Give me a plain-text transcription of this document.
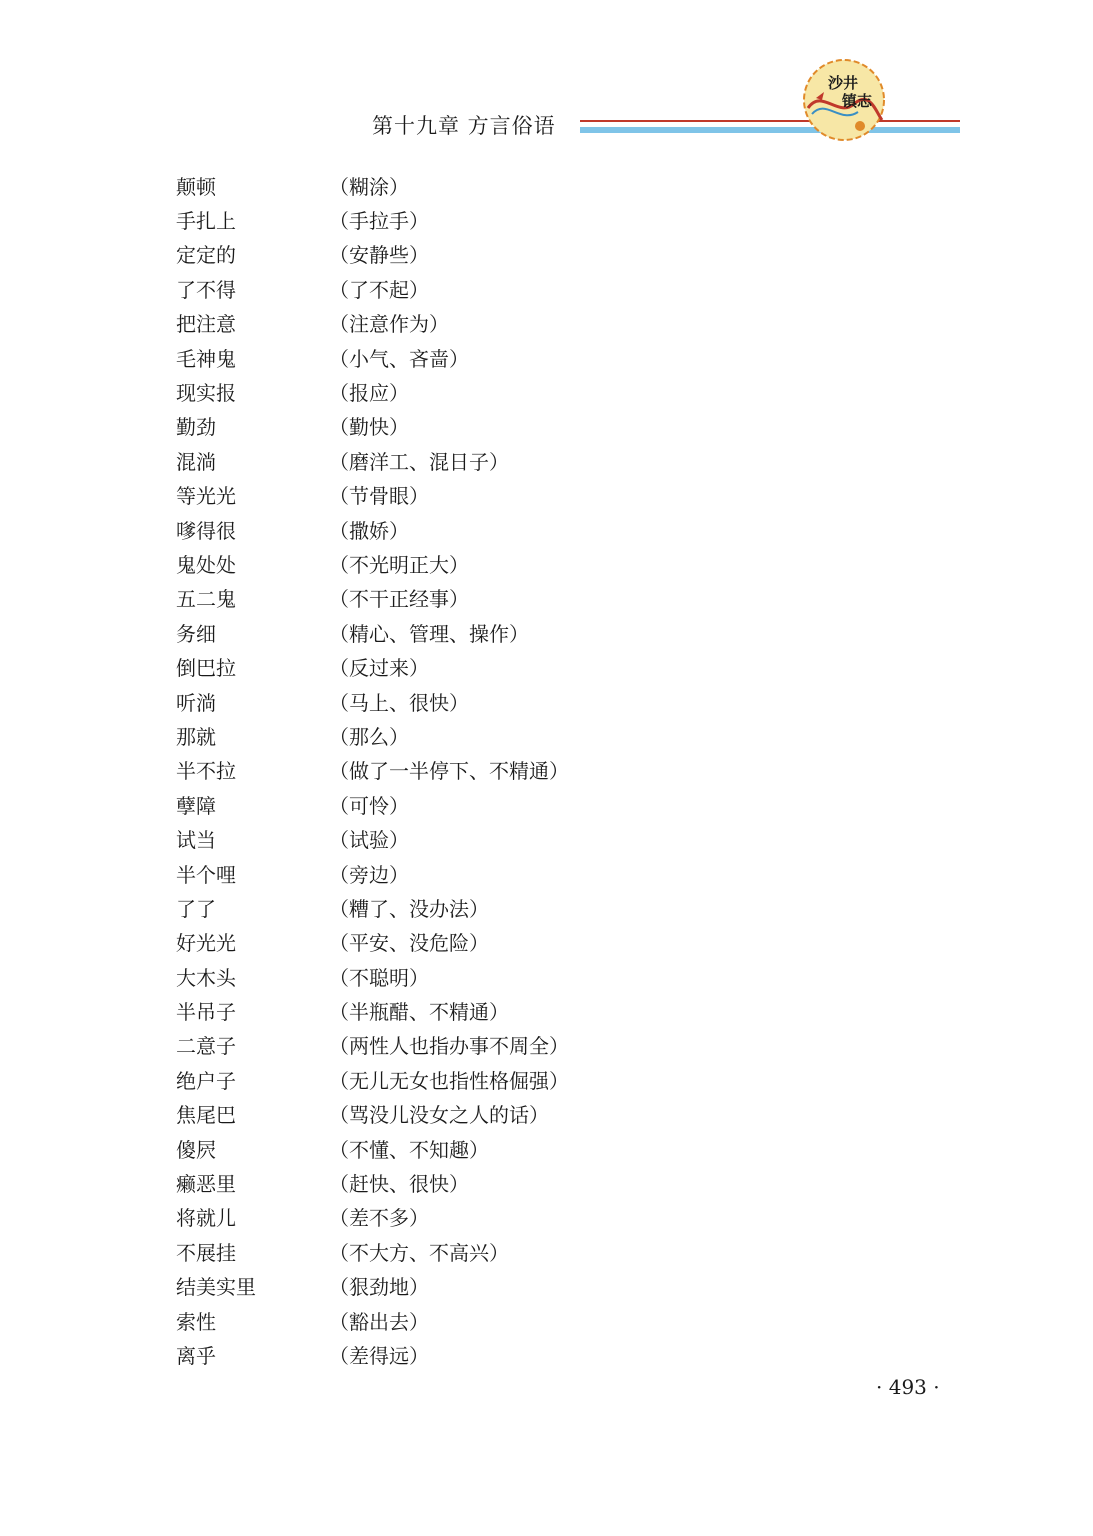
第十九章 方言俗语
沙井
镇志
颠顿	（糊涂）
手扎上	（手拉手）
定定的	（安静些）
了不得	（了不起）
把注意	（注意作为）
毛神鬼	（小气、吝啬）
现实报	（报应）
勤劲	（勤快）
混淌	（磨洋工、混日子）
等光光	（节骨眼）
嗲得很	（撒娇）
鬼处处	（不光明正大）
五二鬼	（不干正经事）
务细	（精心、管理、操作）
倒巴拉	（反过来）
听淌	（马上、很快）
那就	（那么）
半不拉	（做了一半停下、不精通）
孽障	（可怜）
试当	（试验）
半个哩	（旁边）
了了	（糟了、没办法）
好光光	（平安、没危险）
大木头	（不聪明）
半吊子	（半瓶醋、不精通）
二意子	（两性人也指办事不周全）
绝户子	（无儿无女也指性格倔强）
焦尾巴	（骂没儿没女之人的话）
傻屄	（不懂、不知趣）
癞恶里	（赶快、很快）
将就儿	（差不多）
不展挂	（不大方、不高兴）
结美实里	（狠劲地）
索性	（豁出去）
离乎	（差得远）
· 493 ·
